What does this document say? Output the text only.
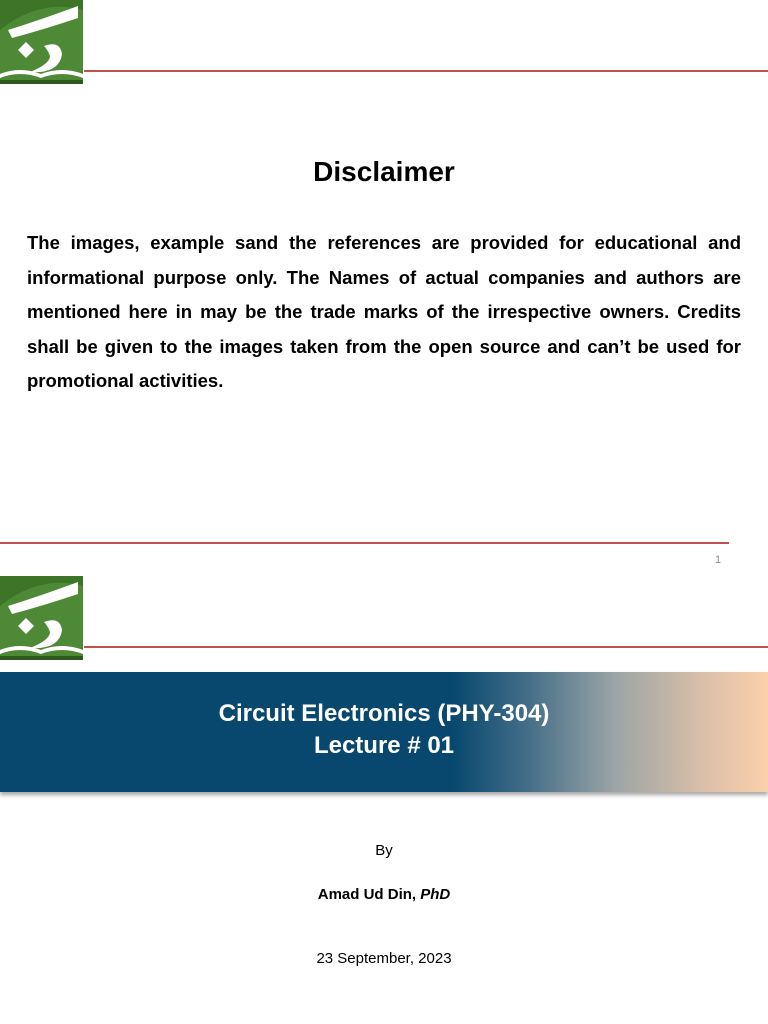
Disclaimer

The images, example sand the references are provided for educational and informational purpose only. The Names of actual companies and authors are mentioned here in may be the trade marks of the irrespective owners. Credits shall be given to the images taken from the open source and can’t be used for promotional activities.

1
Circuit Electronics (PHY-304)
Lecture # 01
By
Amad Ud Din, PhD
23 September, 2023
